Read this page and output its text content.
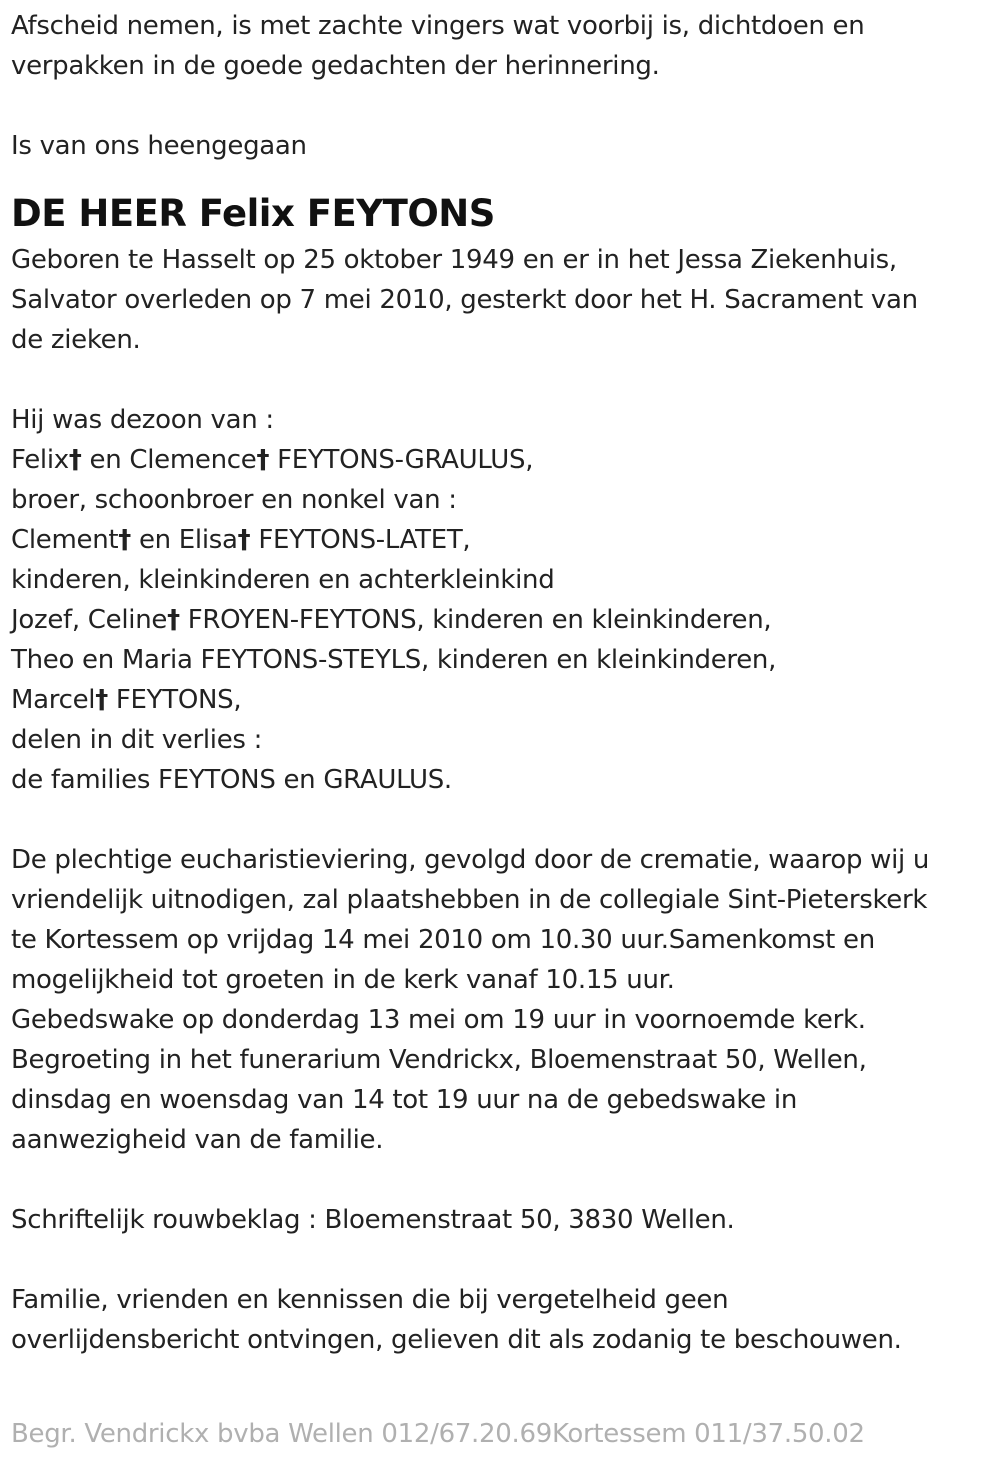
Afscheid nemen, is met zachte vingers wat voorbij is, dichtdoen en
verpakken in de goede gedachten der herinnering.
Is van ons heengegaan
DE HEER Felix FEYTONS
Geboren te Hasselt op 25 oktober 1949 en er in het Jessa Ziekenhuis,
Salvator overleden op 7 mei 2010, gesterkt door het H. Sacrament van
de zieken.
Hij was dezoon van :
Felix† en Clemence† FEYTONS-GRAULUS,
broer, schoonbroer en nonkel van :
Clement† en Elisa† FEYTONS-LATET,
kinderen, kleinkinderen en achterkleinkind
Jozef, Celine† FROYEN-FEYTONS, kinderen en kleinkinderen,
Theo en Maria FEYTONS-STEYLS, kinderen en kleinkinderen,
Marcel† FEYTONS,
delen in dit verlies :
de families FEYTONS en GRAULUS.
De plechtige eucharistieviering, gevolgd door de crematie, waarop wij u
vriendelijk uitnodigen, zal plaatshebben in de collegiale Sint-Pieterskerk
te Kortessem op vrijdag 14 mei 2010 om 10.30 uur.Samenkomst en
mogelijkheid tot groeten in de kerk vanaf 10.15 uur.
Gebedswake op donderdag 13 mei om 19 uur in voornoemde kerk.
Begroeting in het funerarium Vendrickx, Bloemenstraat 50, Wellen,
dinsdag en woensdag van 14 tot 19 uur na de gebedswake in
aanwezigheid van de familie.
Schriftelijk rouwbeklag : Bloemenstraat 50, 3830 Wellen.
Familie, vrienden en kennissen die bij vergetelheid geen
overlijdensbericht ontvingen, gelieven dit als zodanig te beschouwen.
Begr. Vendrickx bvba Wellen 012/67.20.69Kortessem 011/37.50.02
